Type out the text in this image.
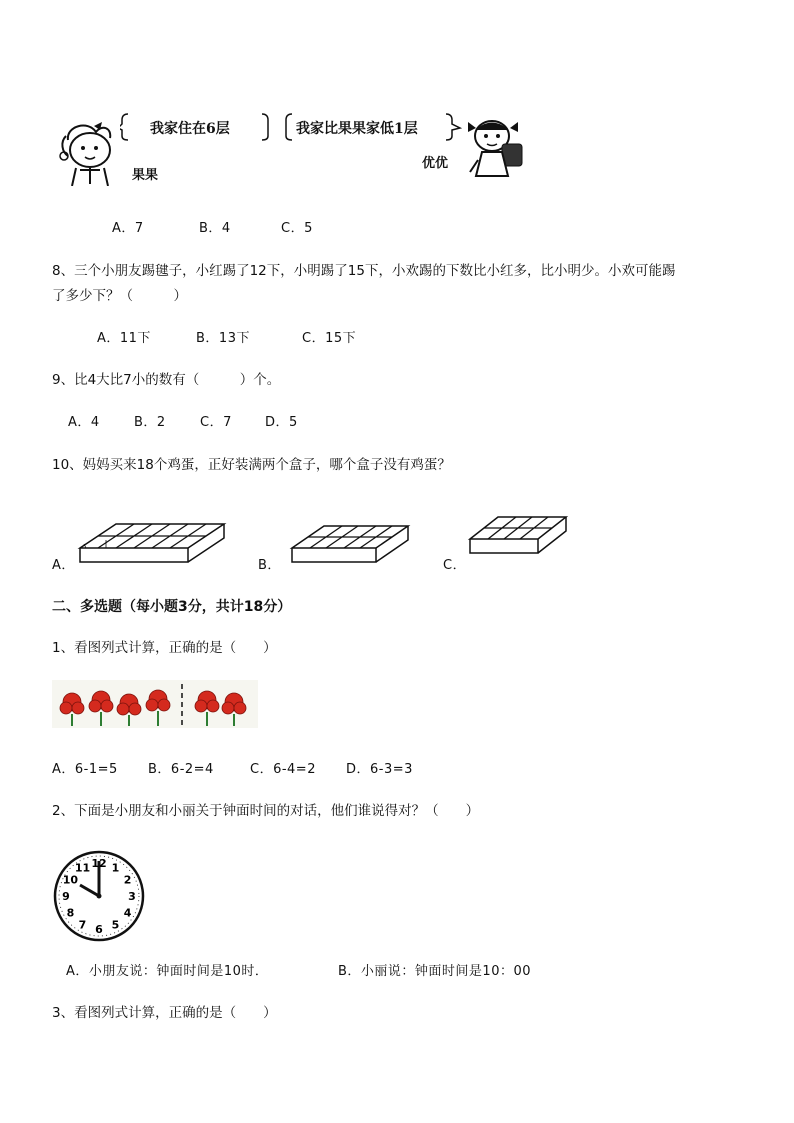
我家住在6层
果果
我家比果果家低1层
优优
A．7	B．4	C．5
8、三个小朋友踢毽子，小红踢了12下，小明踢了15下，小欢踢的下数比小红多，比小明少。小欢可能踢
了多少下？（　　　）
A．11下	B．13下	C．15下
9、比4大比7小的数有（　　　）个。
A．4	B．2	C．7	D．5
10、妈妈买来18个鸡蛋，正好装满两个盒子，哪个盒子没有鸡蛋？
A．	B．	C．
二、多选题（每小题3分，共计18分）
1、看图列式计算，正确的是（　　）
A．6-1=5 B．6-2=4	C．6-4=2 D．6-3=3
2、下面是小朋友和小丽关于钟面时间的对话，他们谁说得对？（　　）
12 1
2
3
4
5
6
7
8
9
10
11
A．小朋友说：钟面时间是10时．	B．小丽说：钟面时间是10：00
3、看图列式计算，正确的是（　　）
